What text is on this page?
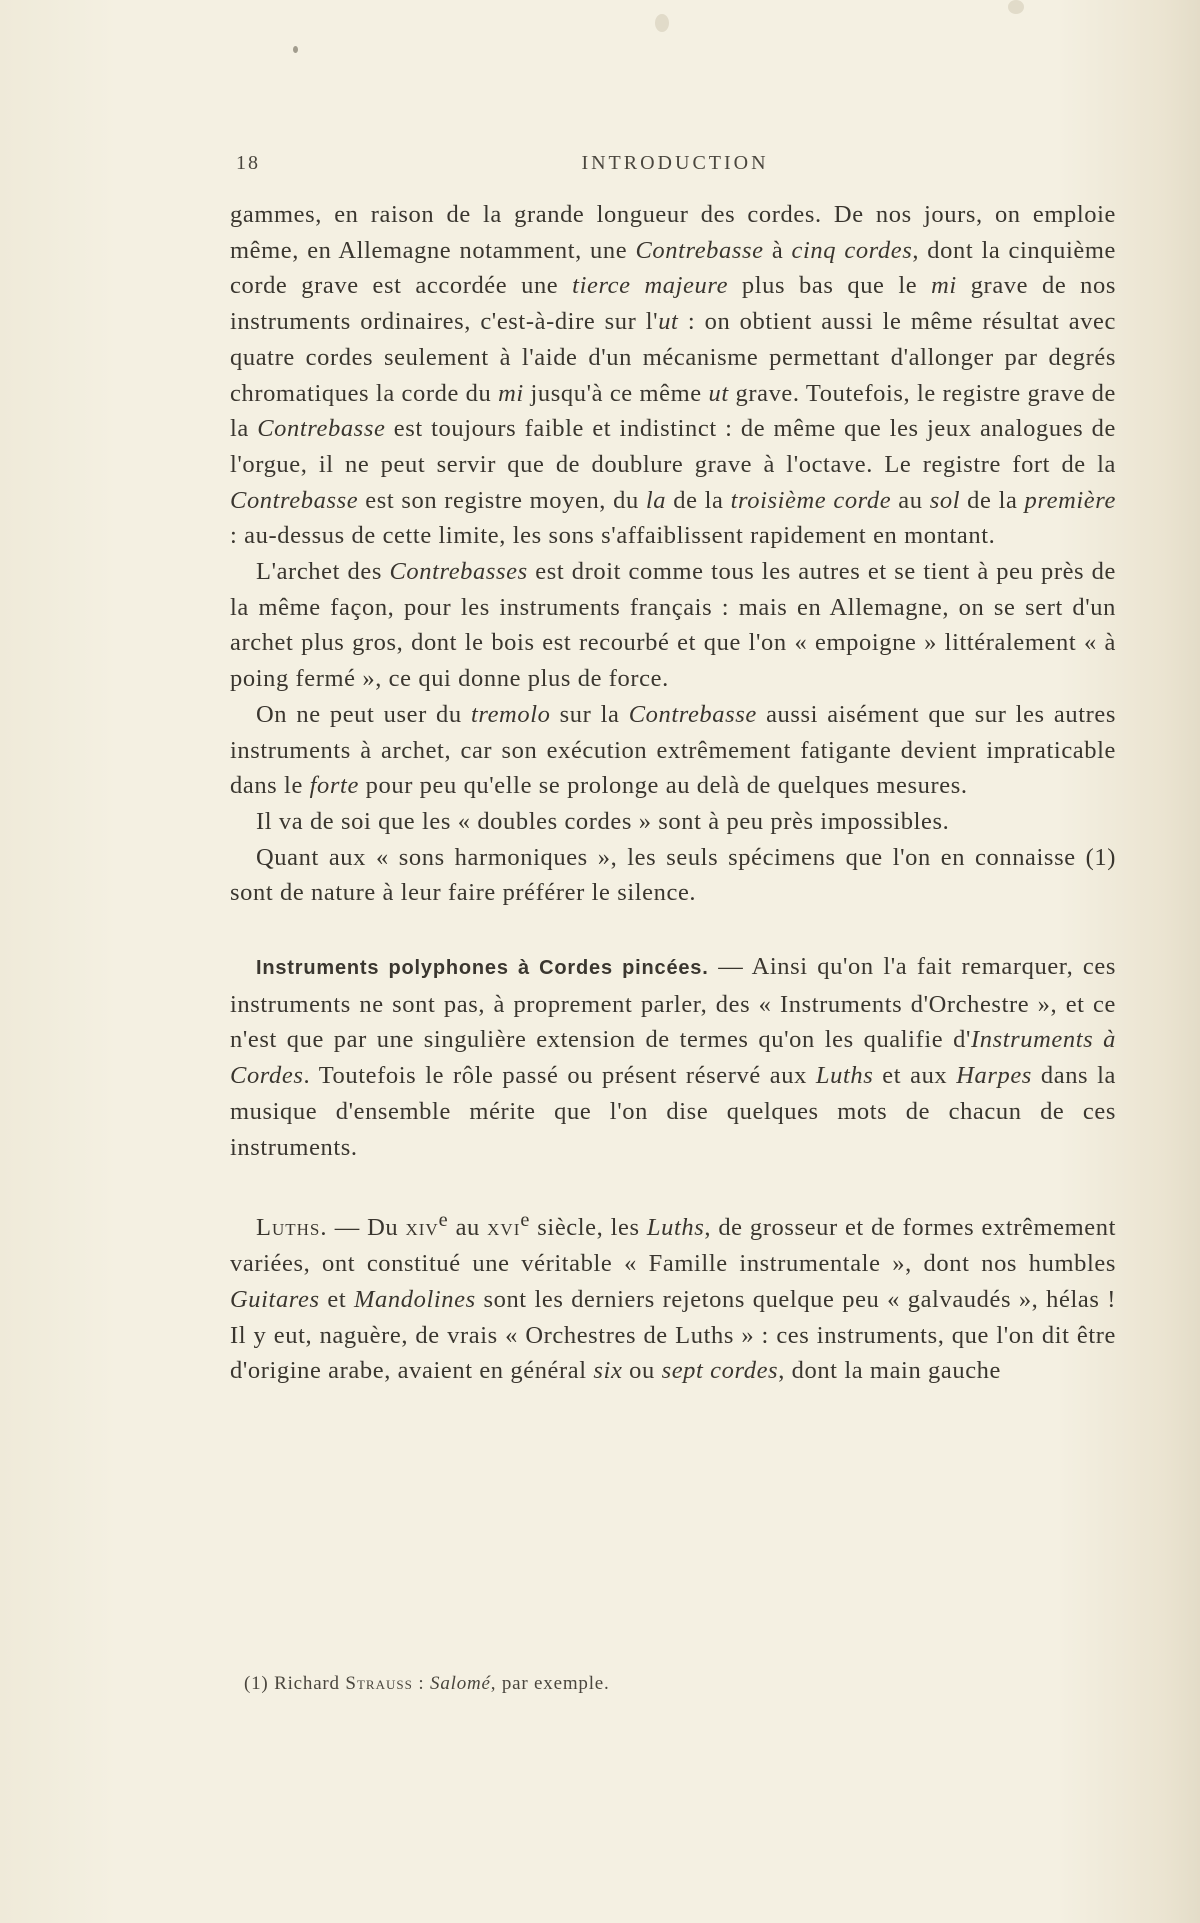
18	INTRODUCTION

gammes, en raison de la grande longueur des cordes. De nos jours, on emploie même, en Allemagne notamment, une Contrebasse à cinq cordes, dont la cinquième corde grave est accordée une tierce majeure plus bas que le mi grave de nos instruments ordinaires, c'est-à-dire sur l'ut : on obtient aussi le même résultat avec quatre cordes seulement à l'aide d'un mécanisme permettant d'allonger par degrés chromatiques la corde du mi jusqu'à ce même ut grave. Toutefois, le registre grave de la Contrebasse est toujours faible et indistinct : de même que les jeux analogues de l'orgue, il ne peut servir que de doublure grave à l'octave. Le registre fort de la Contrebasse est son registre moyen, du la de la troisième corde au sol de la première : au-dessus de cette limite, les sons s'affaiblissent rapidement en montant.

L'archet des Contrebasses est droit comme tous les autres et se tient à peu près de la même façon, pour les instruments français : mais en Allemagne, on se sert d'un archet plus gros, dont le bois est recourbé et que l'on « empoigne » littéralement « à poing fermé », ce qui donne plus de force.

On ne peut user du tremolo sur la Contrebasse aussi aisément que sur les autres instruments à archet, car son exécution extrêmement fatigante devient impraticable dans le forte pour peu qu'elle se prolonge au delà de quelques mesures.

Il va de soi que les « doubles cordes » sont à peu près impossibles.

Quant aux « sons harmoniques », les seuls spécimens que l'on en connaisse (1) sont de nature à leur faire préférer le silence.

Instruments polyphones à Cordes pincées. — Ainsi qu'on l'a fait remarquer, ces instruments ne sont pas, à proprement parler, des « Instruments d'Orchestre », et ce n'est que par une singulière extension de termes qu'on les qualifie d'Instruments à Cordes. Toutefois le rôle passé ou présent réservé aux Luths et aux Harpes dans la musique d'ensemble mérite que l'on dise quelques mots de chacun de ces instruments.

Luths. — Du xiv$^e$ au xvi$^e$ siècle, les Luths, de grosseur et de formes extrêmement variées, ont constitué une véritable « Famille instrumentale », dont nos humbles Guitares et Mandolines sont les derniers rejetons quelque peu « galvaudés », hélas ! Il y eut, naguère, de vrais « Orchestres de Luths » : ces instruments, que l'on dit être d'origine arabe, avaient en général six ou sept cordes, dont la main gauche

(1) Richard Strauss : Salomé, par exemple.
